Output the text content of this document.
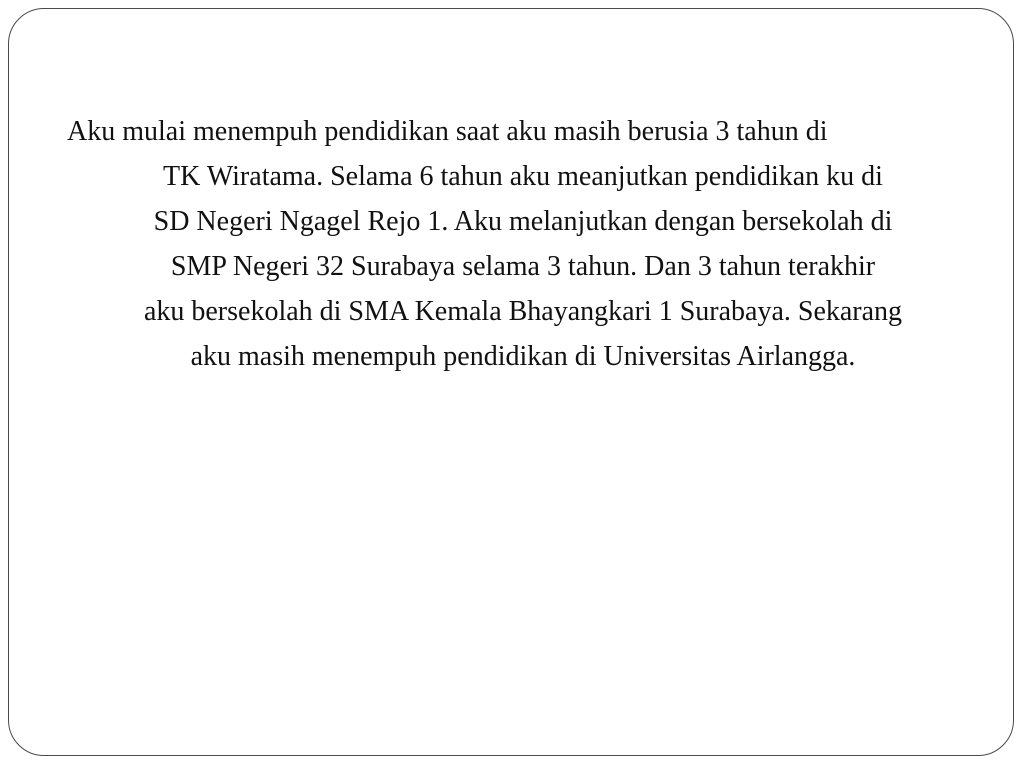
Aku mulai menempuh pendidikan saat aku masih berusia 3 tahun di
TK Wiratama. Selama 6 tahun aku meanjutkan pendidikan ku di
SD Negeri Ngagel Rejo 1. Aku melanjutkan dengan bersekolah di
SMP Negeri 32 Surabaya selama 3 tahun. Dan 3 tahun terakhir
aku bersekolah di SMA Kemala Bhayangkari 1 Surabaya. Sekarang
aku masih menempuh pendidikan di Universitas Airlangga.
